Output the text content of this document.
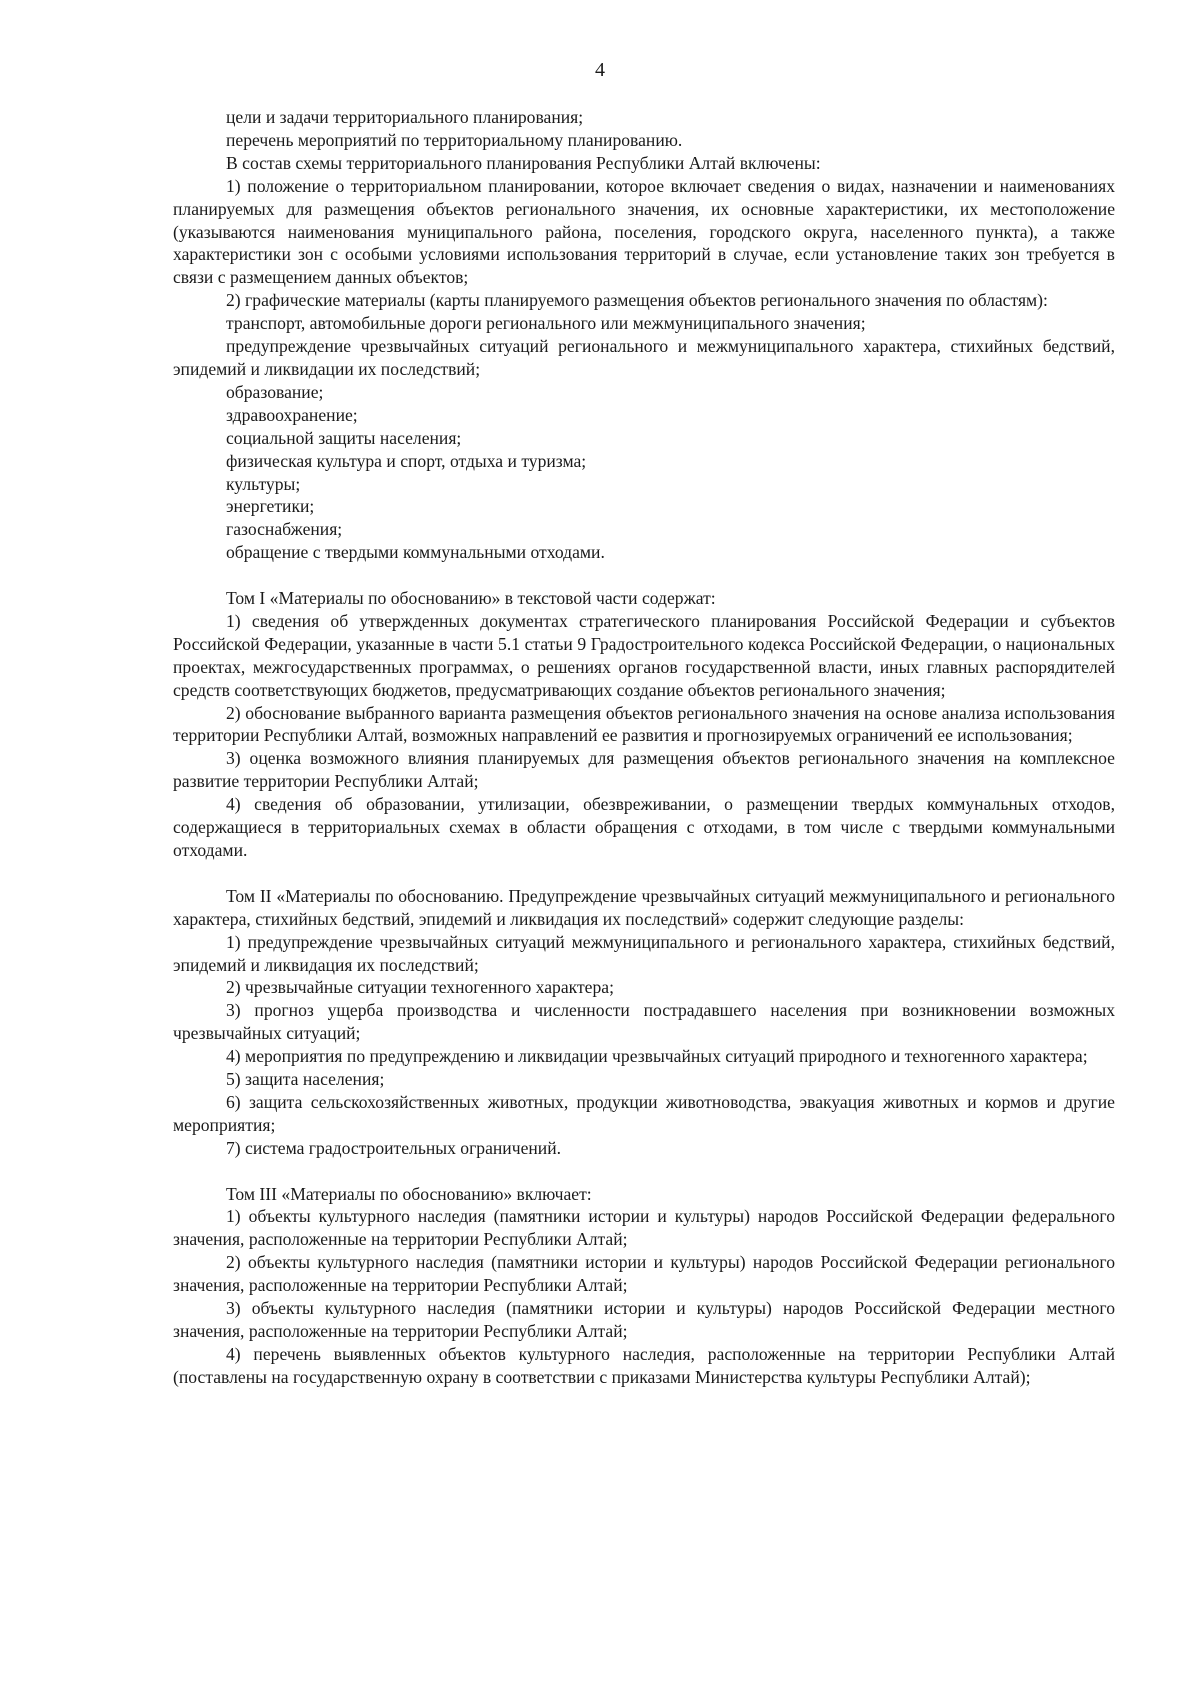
4

цели и задачи территориального планирования;

перечень мероприятий по территориальному планированию.

В состав схемы территориального планирования Республики Алтай включены:

1) положение о территориальном планировании, которое включает сведения о видах, назначении и наименованиях планируемых для размещения объектов регионального значения, их основные характеристики, их местоположение (указываются наименования муниципального района, поселения, городского округа, населенного пункта), а также характеристики зон с особыми условиями использования территорий в случае, если установление таких зон требуется в связи с размещением данных объектов;

2) графические материалы (карты планируемого размещения объектов регионального значения по областям):

транспорт, автомобильные дороги регионального или межмуниципального значения;

предупреждение чрезвычайных ситуаций регионального и межмуниципального характера, стихийных бедствий, эпидемий и ликвидации их последствий;

образование;

здравоохранение;

социальной защиты населения;

физическая культура и спорт, отдыха и туризма;

культуры;

энергетики;

газоснабжения;

обращение с твердыми коммунальными отходами.

Том I «Материалы по обоснованию» в текстовой части содержат:

1) сведения об утвержденных документах стратегического планирования Российской Федерации и субъектов Российской Федерации, указанные в части 5.1 статьи 9 Градостроительного кодекса Российской Федерации, о национальных проектах, межгосударственных программах, о решениях органов государственной власти, иных главных распорядителей средств соответствующих бюджетов, предусматривающих создание объектов регионального значения;

2) обоснование выбранного варианта размещения объектов регионального значения на основе анализа использования территории Республики Алтай, возможных направлений ее развития и прогнозируемых ограничений ее использования;

3) оценка возможного влияния планируемых для размещения объектов регионального значения на комплексное развитие территории Республики Алтай;

4) сведения об образовании, утилизации, обезвреживании, о размещении твердых коммунальных отходов, содержащиеся в территориальных схемах в области обращения с отходами, в том числе с твердыми коммунальными отходами.

Том II «Материалы по обоснованию. Предупреждение чрезвычайных ситуаций межмуниципального и регионального характера, стихийных бедствий, эпидемий и ликвидация их последствий» содержит следующие разделы:

1) предупреждение чрезвычайных ситуаций межмуниципального и регионального характера, стихийных бедствий, эпидемий и ликвидация их последствий;

2) чрезвычайные ситуации техногенного характера;

3) прогноз ущерба производства и численности пострадавшего населения при возникновении возможных чрезвычайных ситуаций;

4) мероприятия по предупреждению и ликвидации чрезвычайных ситуаций природного и техногенного характера;

5) защита населения;

6) защита сельскохозяйственных животных, продукции животноводства, эвакуация животных и кормов и другие мероприятия;

7) система градостроительных ограничений.

Том III «Материалы по обоснованию» включает:

1) объекты культурного наследия (памятники истории и культуры) народов Российской Федерации федерального значения, расположенные на территории Республики Алтай;

2) объекты культурного наследия (памятники истории и культуры) народов Российской Федерации регионального значения, расположенные на территории Республики Алтай;

3) объекты культурного наследия (памятники истории и культуры) народов Российской Федерации местного значения, расположенные на территории Республики Алтай;

4) перечень выявленных объектов культурного наследия, расположенные на территории Республики Алтай (поставлены на государственную охрану в соответствии с приказами Министерства культуры Республики Алтай);
